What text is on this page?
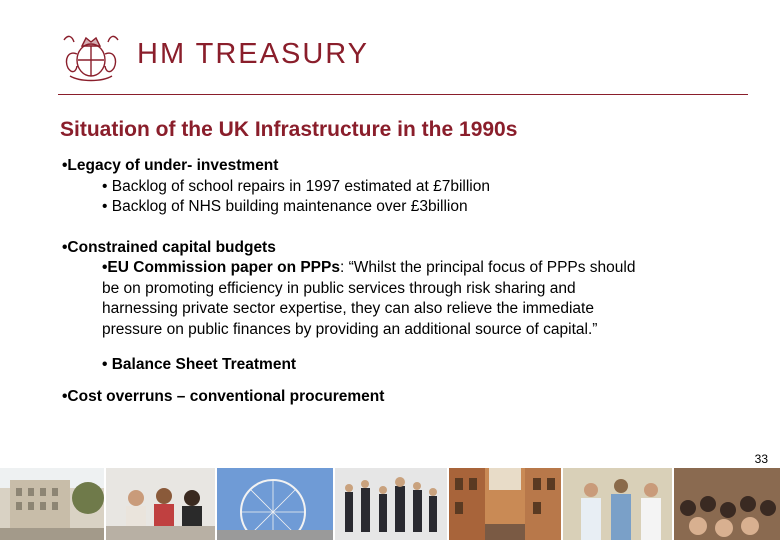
HM TREASURY
Situation of the UK Infrastructure in the 1990s
•Legacy of under- investment
• Backlog of school repairs in 1997 estimated at £7billion
• Backlog of NHS building maintenance over £3billion
•Constrained capital budgets
•EU Commission paper on PPPs: “Whilst the principal focus of PPPs should
be on promoting efficiency in public services through risk sharing and
harnessing private sector expertise, they can also relieve the immediate
pressure on public finances by providing an additional source of capital.”
• Balance Sheet Treatment
•Cost overruns – conventional procurement
33
